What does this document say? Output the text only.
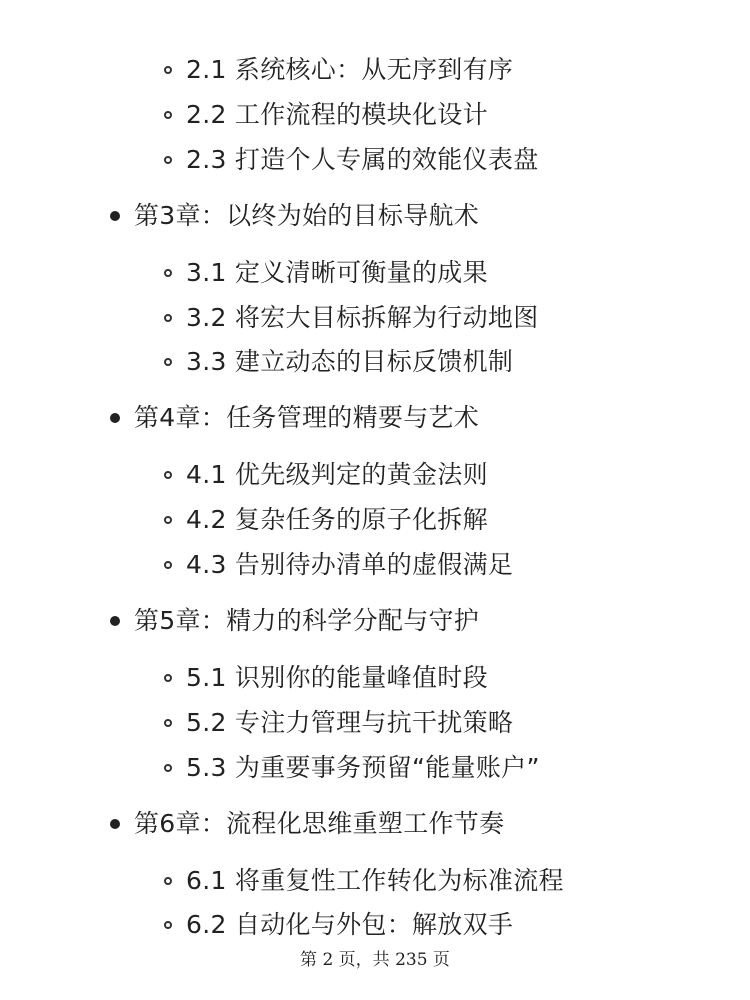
2.1 系统核心：从无序到有序
2.2 工作流程的模块化设计
2.3 打造个人专属的效能仪表盘
第3章：以终为始的目标导航术
3.1 定义清晰可衡量的成果
3.2 将宏大目标拆解为行动地图
3.3 建立动态的目标反馈机制
第4章：任务管理的精要与艺术
4.1 优先级判定的黄金法则
4.2 复杂任务的原子化拆解
4.3 告别待办清单的虚假满足
第5章：精力的科学分配与守护
5.1 识别你的能量峰值时段
5.2 专注力管理与抗干扰策略
5.3 为重要事务预留“能量账户”
第6章：流程化思维重塑工作节奏
6.1 将重复性工作转化为标准流程
6.2 自动化与外包：解放双手
第 2 页，共 235 页
